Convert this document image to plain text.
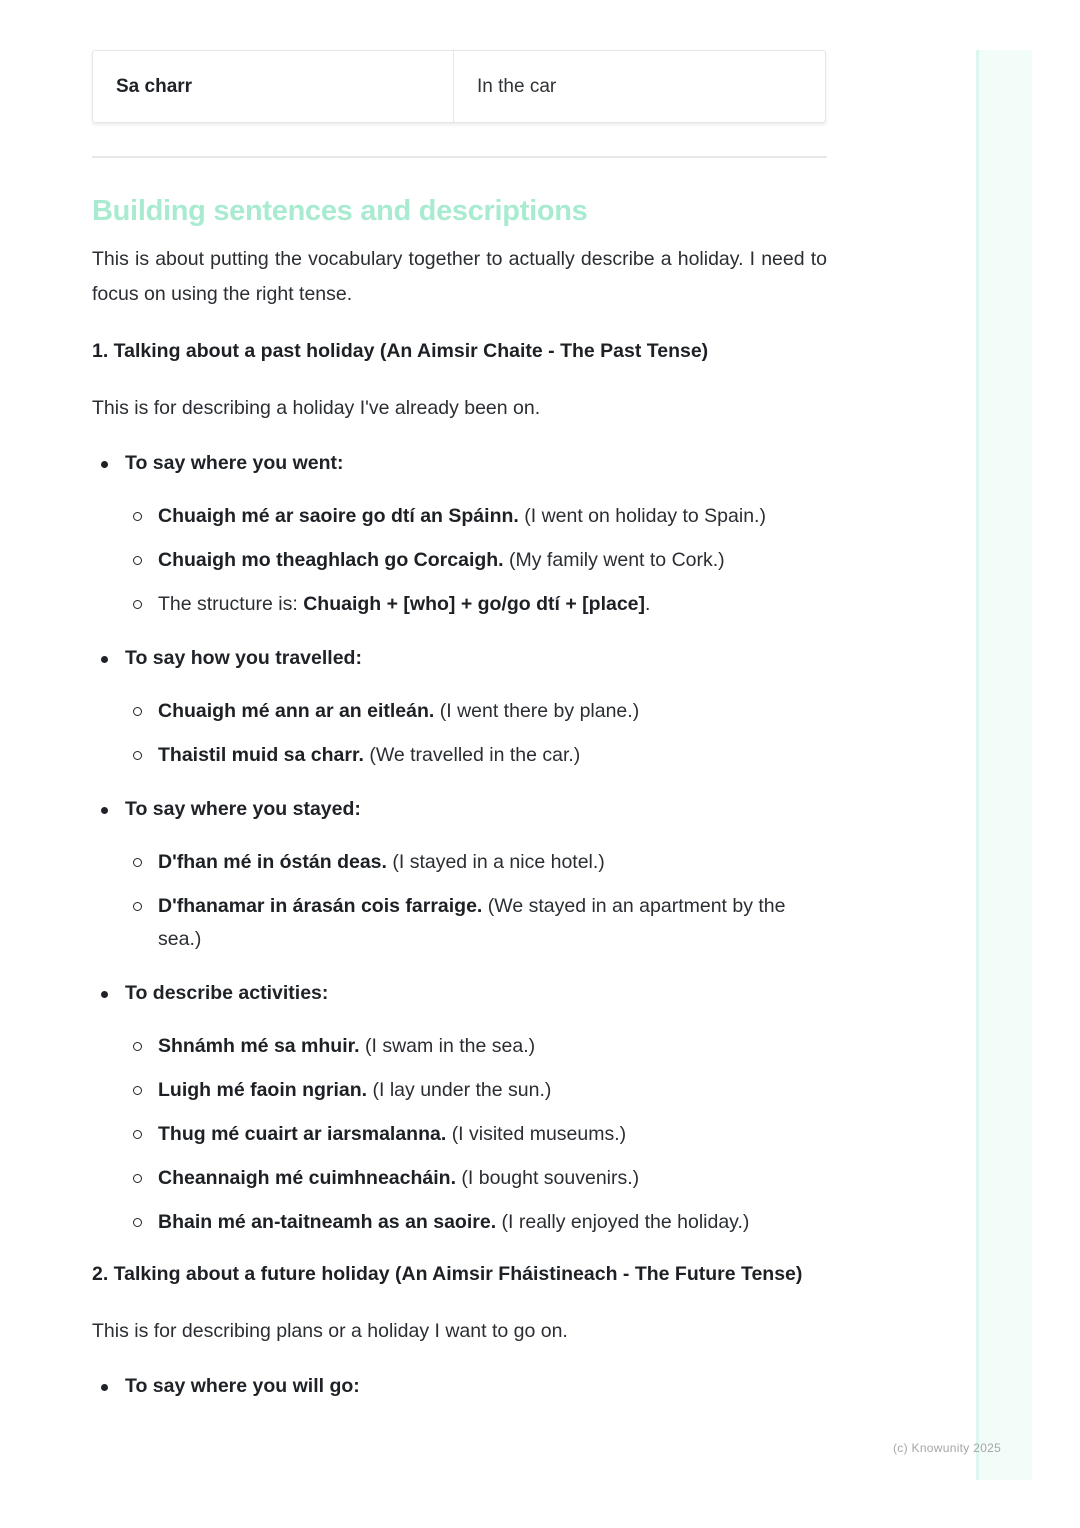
(c) Knowunity 2025
Sa charr	In the car
Building sentences and descriptions

This is about putting the vocabulary together to actually describe a holiday. I need to focus on using the right tense.

1. Talking about a past holiday (An Aimsir Chaite - The Past Tense)

This is for describing a holiday I've already been on.

To say where you went:
Chuaigh mé ar saoire go dtí an Spáinn. (I went on holiday to Spain.)
Chuaigh mo theaghlach go Corcaigh. (My family went to Cork.)
The structure is: Chuaigh + [who] + go/go dtí + [place].
To say how you travelled:
Chuaigh mé ann ar an eitleán. (I went there by plane.)
Thaistil muid sa charr. (We travelled in the car.)
To say where you stayed:
D'fhan mé in óstán deas. (I stayed in a nice hotel.)
D'fhanamar in árasán cois farraige. (We stayed in an apartment by the sea.)
To describe activities:
Shnámh mé sa mhuir. (I swam in the sea.)
Luigh mé faoin ngrian. (I lay under the sun.)
Thug mé cuairt ar iarsmalanna. (I visited museums.)
Cheannaigh mé cuimhneacháin. (I bought souvenirs.)
Bhain mé an-taitneamh as an saoire. (I really enjoyed the holiday.)

2. Talking about a future holiday (An Aimsir Fháistineach - The Future Tense)

This is for describing plans or a holiday I want to go on.

To say where you will go:
